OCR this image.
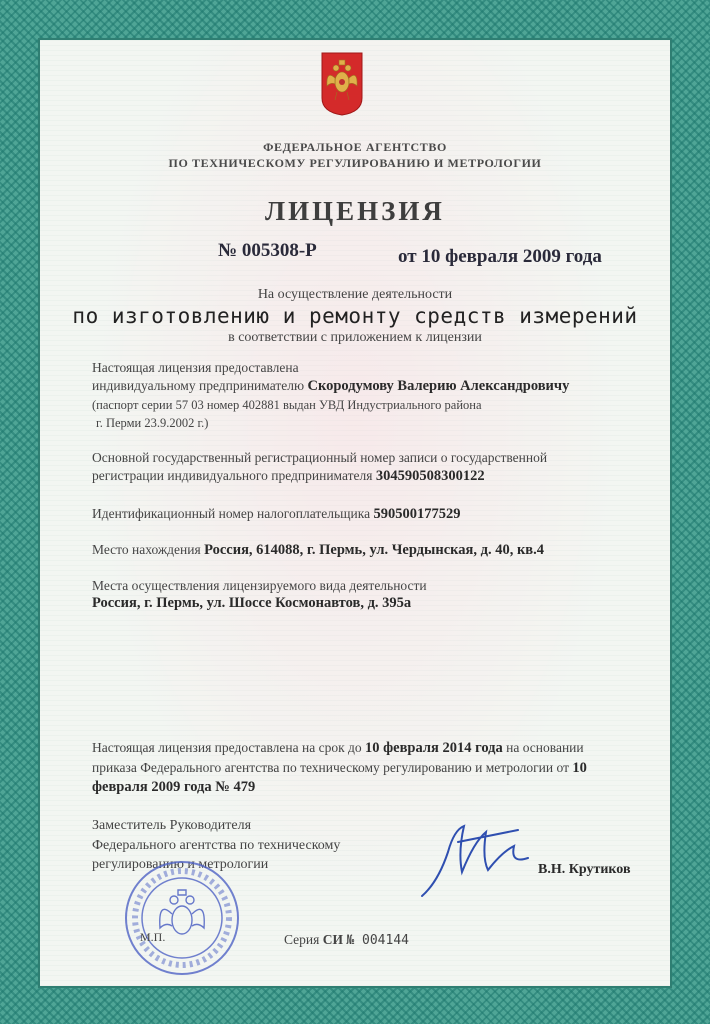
ФЕДЕРАЛЬНОЕ АГЕНТСТВО
ПО ТЕХНИЧЕСКОМУ РЕГУЛИРОВАНИЮ И МЕТРОЛОГИИ
ЛИЦЕНЗИЯ
№ 005308-Р	от 10 февраля 2009 года
На осуществление деятельности
по изготовлению и ремонту средств измерений
в соответствии с приложением к лицензии
Настоящая лицензия предоставлена
индивидуальному предпринимателю Скородумову Валерию Александровичу
(паспорт серии 57 03 номер 402881 выдан УВД Индустриального района
г. Перми 23.9.2002 г.)
Основной государственный регистрационный номер записи о государственной
регистрации индивидуального предпринимателя 304590508300122
Идентификационный номер налогоплательщика 590500177529
Место нахождения Россия, 614088, г. Пермь, ул. Чердынская, д. 40, кв.4
Места осуществления лицензируемого вида деятельности
Россия, г. Пермь, ул. Шоссе Космонавтов, д. 395а
Настоящая лицензия предоставлена на срок до 10 февраля 2014 года на основании
приказа Федерального агентства по техническому регулированию и метрологии от 10
февраля 2009 года № 479
Заместитель Руководителя
Федерального агентства по техническому
регулированию и метрологии	В.Н. Крутиков
М.П.	Серия СИ № 004144
